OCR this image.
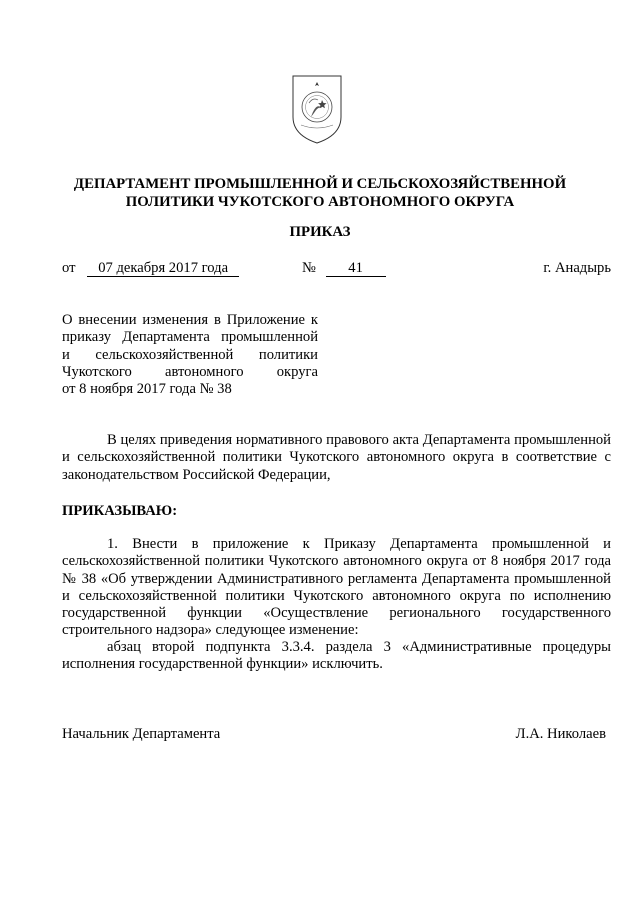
ДЕПАРТАМЕНТ ПРОМЫШЛЕННОЙ И СЕЛЬСКОХОЗЯЙСТВЕННОЙ ПОЛИТИКИ ЧУКОТСКОГО АВТОНОМНОГО ОКРУГА
ПРИКАЗ
от 07 декабря 2017 года	№ 41	г. Анадырь
О внесении изменения в Приложение к
приказу Департамента промышленной
и сельскохозяйственной политики
Чукотского автономного округа
от 8 ноября 2017 года № 38
В целях приведения нормативного правового акта Департамента промышленной и сельскохозяйственной политики Чукотского автономного округа в соответствие с законодательством Российской Федерации,
ПРИКАЗЫВАЮ:
1. Внести в приложение к Приказу Департамента промышленной и сельскохозяйственной политики Чукотского автономного округа от 8 ноября 2017 года № 38 «Об утверждении Административного регламента Департамента промышленной и сельскохозяйственной политики Чукотского автономного округа по исполнению государственной функции «Осуществление регионального государственного строительного надзора» следующее изменение:
абзац второй подпункта 3.3.4. раздела 3 «Административные процедуры исполнения государственной функции» исключить.
Начальник Департамента	Л.А. Николаев
